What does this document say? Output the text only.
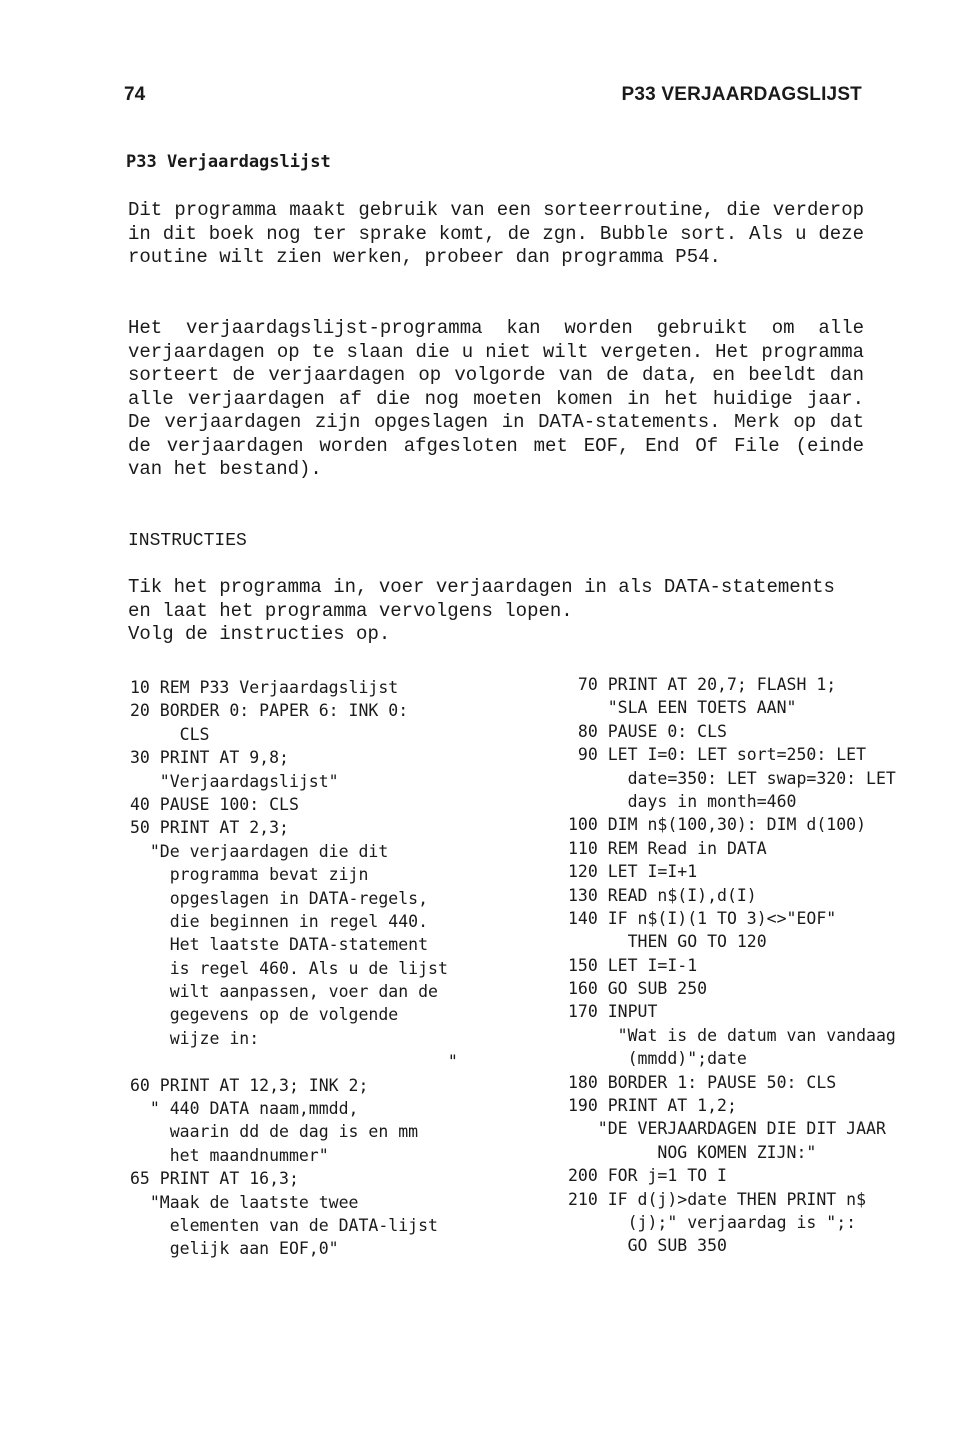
74	P33 VERJAARDAGSLIJST
P33 Verjaardagslijst

Dit programma maakt gebruik van een sorteerroutine, die verderop in dit boek nog ter sprake komt, de zgn. Bubble sort. Als u deze routine wilt zien werken, probeer dan programma P54.

Het verjaardagslijst-programma kan worden gebruikt om alle verjaardagen op te slaan die u niet wilt vergeten. Het programma sorteert de verjaardagen op volgorde van de data, en beeldt dan alle verjaardagen af die nog moeten komen in het huidige jaar. De verjaardagen zijn opgeslagen in DATA-statements. Merk op dat de verjaardagen worden afgesloten met EOF, End Of File (einde van het bestand).

INSTRUCTIES

Tik het programma in, voer verjaardagen in als DATA-statements
en laat het programma vervolgens lopen.
Volg de instructies op.

10 REM P33 Verjaardagslijst
20 BORDER 0: PAPER 6: INK 0:
CLS
30 PRINT AT 9,8;
"Verjaardagslijst"
40 PAUSE 100: CLS
50 PRINT AT 2,3;
"De verjaardagen die dit
programma bevat zijn
opgeslagen in DATA-regels,
die beginnen in regel 440.
Het laatste DATA-statement
is regel 460. Als u de lijst
wilt aanpassen, voer dan de
gegevens op de volgende
wijze in:
"
60 PRINT AT 12,3; INK 2;
" 440 DATA naam,mmdd,
waarin dd de dag is en mm
het maandnummer"
65 PRINT AT 16,3;
"Maak de laatste twee
elementen van de DATA-lijst
gelijk aan EOF,0"
70 PRINT AT 20,7; FLASH 1;
"SLA EEN TOETS AAN"
80 PAUSE 0: CLS
90 LET I=0: LET sort=250: LET
date=350: LET swap=320: LET
days in month=460
100 DIM n$(100,30): DIM d(100)
110 REM Read in DATA
120 LET I=I+1
130 READ n$(I),d(I)
140 IF n$(I)(1 TO 3)<>"EOF"
THEN GO TO 120
150 LET I=I-1
160 GO SUB 250
170 INPUT
"Wat is de datum van vandaag
(mmdd)";date
180 BORDER 1: PAUSE 50: CLS
190 PRINT AT 1,2;
"DE VERJAARDAGEN DIE DIT JAAR
NOG KOMEN ZIJN:"
200 FOR j=1 TO I
210 IF d(j)>date THEN PRINT n$
(j);" verjaardag is ";:
GO SUB 350
